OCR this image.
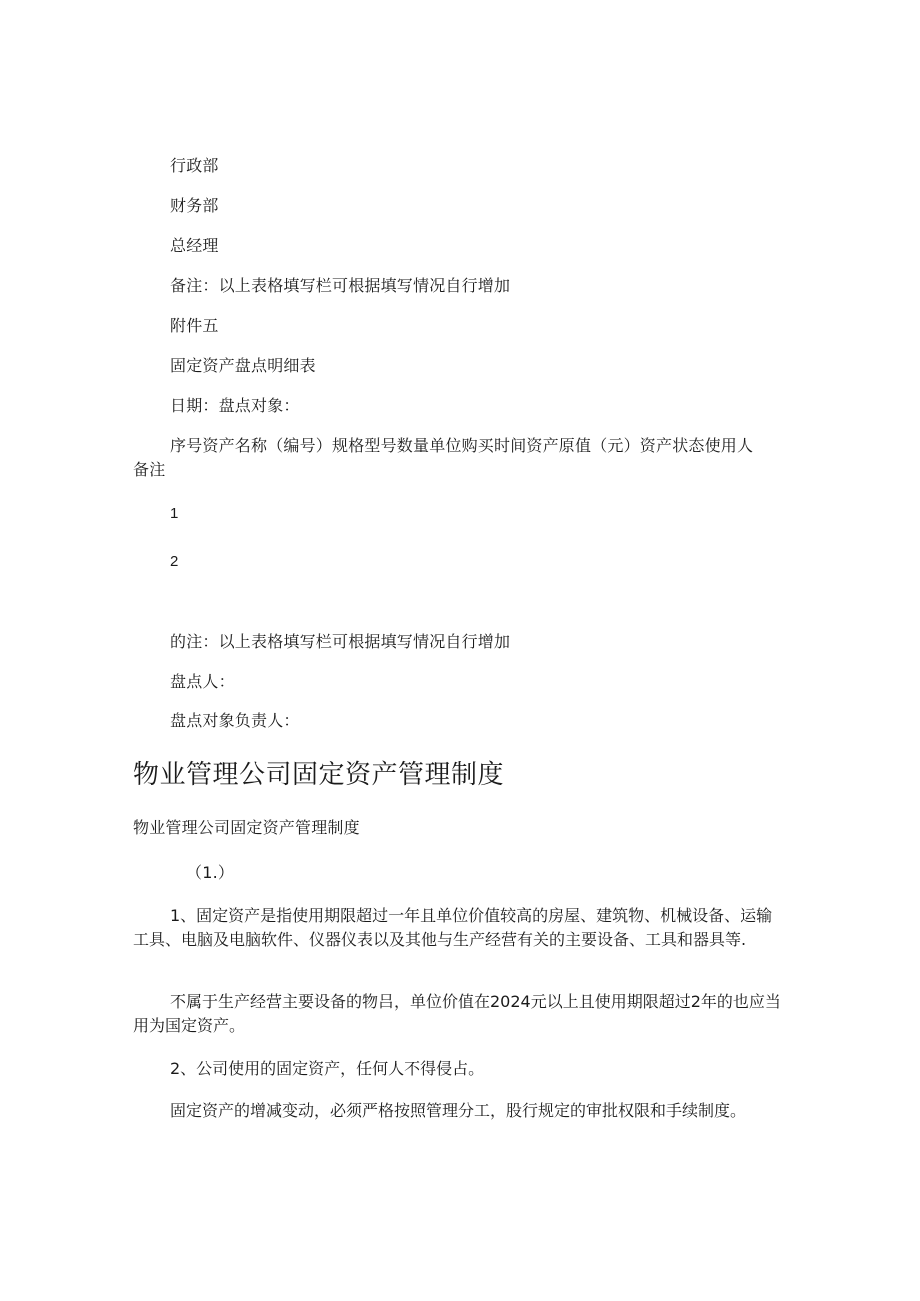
行政部

财务部

总经理

备注：以上表格填写栏可根据填写情况自行增加

附件五

固定资产盘点明细表

日期：盘点对象：

序号资产名称（编号）规格型号数量单位购买时间资产原值（元）资产状态使用人

备注

1

2

的注：以上表格填写栏可根据填写情况自行增加

盘点人：

盘点对象负责人：

物业管理公司固定资产管理制度

物业管理公司固定资产管理制度

（1.）

1、固定资产是指使用期限超过一年且单位价值较高的房屋、建筑物、机械设备、运输工具、电脑及电脑软件、仪器仪表以及其他与生产经营有关的主要设备、工具和器具等.

不属于生产经营主要设备的物吕，单位价值在2024元以上且使用期限超过2年的也应当用为国定资产。

2、公司使用的固定资产，任何人不得侵占。

固定资产的增减变动，必须严格按照管理分工，股行规定的审批权限和手续制度。
